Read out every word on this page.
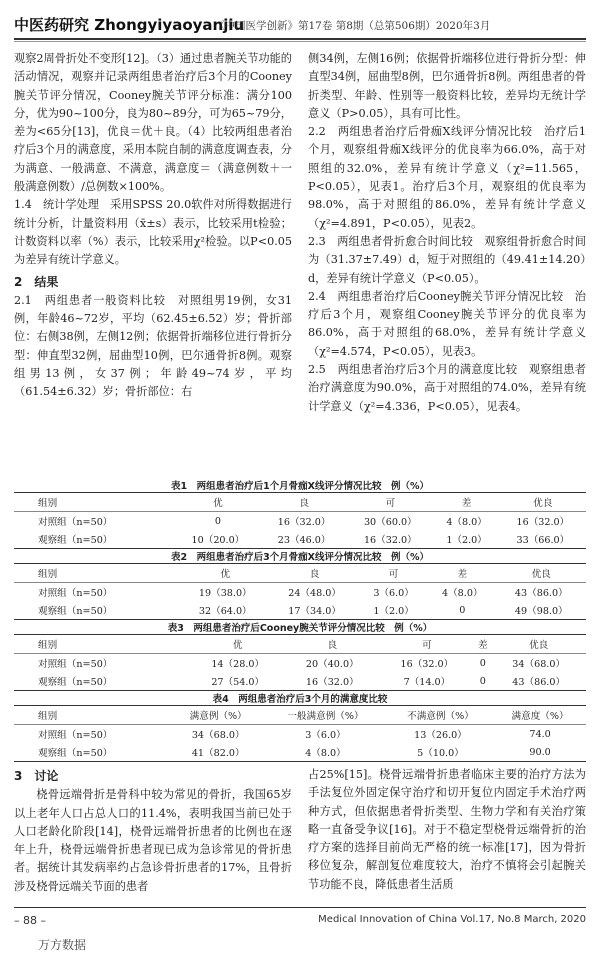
中医药研究 Zhongyiyaoyanjiu
《中国医学创新》第17卷 第8期（总第506期）2020年3月

观察2周骨折处不变形[12]。（3）通过患者腕关节功能的活动情况，观察并记录两组患者治疗后3个月的Cooney腕关节评分情况，Cooney腕关节评分标准：满分100分，优为90~100分，良为80~89分，可为65~79分，差为<65分[13]，优良＝优＋良。（4）比较两组患者治疗后3个月的满意度，采用本院自制的满意度调查表，分为满意、一般满意、不满意，满意度＝（满意例数＋一般满意例数）/总例数×100%。

1.4　统计学处理　采用SPSS 20.0软件对所得数据进行统计分析，计量资料用（x̄±s）表示，比较采用t检验；计数资料以率（%）表示，比较采用χ²检验。以P<0.05为差异有统计学意义。

2　结果

2.1　两组患者一般资料比较　对照组男19例，女31例，年龄46~72岁，平均（62.45±6.52）岁；骨折部位：右侧38例，左侧12例；依据骨折端移位进行骨折分型：伸直型32例，屈曲型10例，巴尔通骨折8例。观察组男13例，女37例；年龄49~74岁，平均（61.54±6.32）岁；骨折部位：右

侧34例，左侧16例；依据骨折端移位进行骨折分型：伸直型34例，屈曲型8例，巴尔通骨折8例。两组患者的骨折类型、年龄、性别等一般资料比较，差异均无统计学意义（P>0.05），具有可比性。

2.2　两组患者治疗后骨痂X线评分情况比较　治疗后1个月，观察组骨痂X线评分的优良率为66.0%，高于对照组的32.0%，差异有统计学意义（χ²=11.565，P<0.05），见表1。治疗后3个月，观察组的优良率为98.0%，高于对照组的86.0%，差异有统计学意义（χ²=4.891，P<0.05），见表2。

2.3　两组患者骨折愈合时间比较　观察组骨折愈合时间为（31.37±7.49）d，短于对照组的（49.41±14.20）d，差异有统计学意义（P<0.05）。

2.4　两组患者治疗后Cooney腕关节评分情况比较　治疗后3个月，观察组Cooney腕关节评分的优良率为86.0%，高于对照组的68.0%，差异有统计学意义（χ²=4.574，P<0.05），见表3。

2.5　两组患者治疗后3个月的满意度比较　观察组患者治疗满意度为90.0%，高于对照组的74.0%，差异有统计学意义（χ²=4.336，P<0.05），见表4。

表1　两组患者治疗后1个月骨痂X线评分情况比较　例（%）
组别	优	良	可	差	优良
对照组（n=50）	0	16（32.0）	30（60.0）	4（8.0）	16（32.0）
观察组（n=50）	10（20.0）	23（46.0）	16（32.0）	1（2.0）	33（66.0）
表2　两组患者治疗后3个月骨痂X线评分情况比较　例（%）
组别	优	良	可	差	优良
对照组（n=50）	19（38.0）	24（48.0）	3（6.0）	4（8.0）	43（86.0）
观察组（n=50）	32（64.0）	17（34.0）	1（2.0）	0	49（98.0）
表3　两组患者治疗后Cooney腕关节评分情况比较　例（%）
组别	优	良	可	差	优良
对照组（n=50）	14（28.0）	20（40.0）	16（32.0）	0	34（68.0）
观察组（n=50）	27（54.0）	16（32.0）	7（14.0）	0	43（86.0）
表4　两组患者治疗后3个月的满意度比较
组别	满意例（%）	一般满意例（%）	不满意例（%）	满意度（%）
对照组（n=50）	34（68.0）	3（6.0）	13（26.0）	74.0
观察组（n=50）	41（82.0）	4（8.0）	5（10.0）	90.0
3　讨论

桡骨远端骨折是骨科中较为常见的骨折，我国65岁以上老年人口占总人口的11.4%，表明我国当前已处于人口老龄化阶段[14]，桡骨远端骨折患者的比例也在逐年上升，桡骨远端骨折患者现已成为急诊常见的骨折患者。据统计其发病率约占急诊骨折患者的17%，且骨折涉及桡骨远端关节面的患者

占25%[15]。桡骨远端骨折患者临床主要的治疗方法为手法复位外固定保守治疗和切开复位内固定手术治疗两种方式，但依据患者骨折类型、生物力学和有关治疗策略一直备受争议[16]。对于不稳定型桡骨远端骨折的治疗方案的选择目前尚无严格的统一标准[17]，因为骨折移位复杂，解剖复位难度较大，治疗不慎将会引起腕关节功能不良，降低患者生活质

– 88 –	Medical Innovation of China Vol.17, No.8 March, 2020
万方数据
